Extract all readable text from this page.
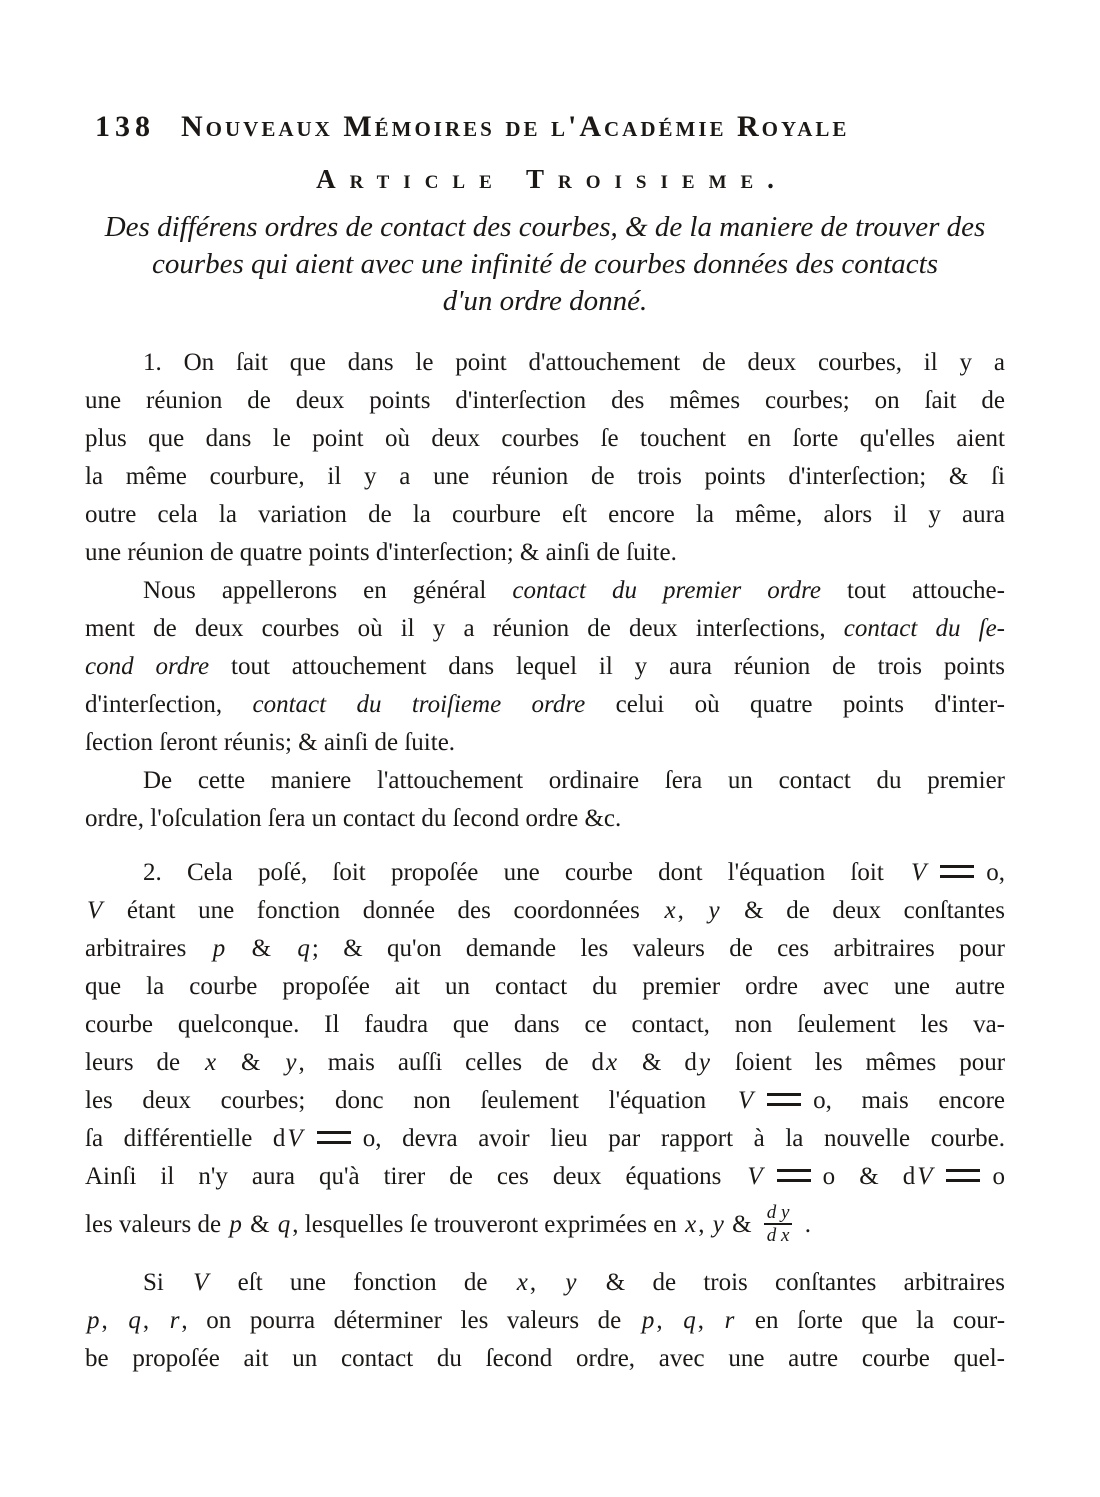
138 Nouveaux Mémoires de l'Académie Royale
Article Troisieme.
Des différens ordres de contact des courbes, & de la maniere de trouver des
courbes qui aient avec une infinité de courbes données des contacts
d'un ordre donné.
1. On ſait que dans le point d'attouchement de deux courbes, il y a
une réunion de deux points d'interſection des mêmes courbes; on ſait de
plus que dans le point où deux courbes ſe touchent en ſorte qu'elles aient
la même courbure, il y a une réunion de trois points d'interſection; & ſi
outre cela la variation de la courbure eſt encore la même, alors il y aura
une réunion de quatre points d'interſection; & ainſi de ſuite.
Nous appellerons en général contact du premier ordre tout attouche-
ment de deux courbes où il y a réunion de deux interſections, contact du ſe-
cond ordre tout attouchement dans lequel il y aura réunion de trois points
d'interſection, contact du troiſieme ordre celui où quatre points d'inter-
ſection ſeront réunis; & ainſi de ſuite.
De cette maniere l'attouchement ordinaire ſera un contact du premier
ordre, l'oſculation ſera un contact du ſecond ordre &c.
2. Cela poſé, ſoit propoſée une courbe dont l'équation ſoit V o,
V étant une fonction donnée des coordonnées x, y & de deux conſtantes
arbitraires p & q; & qu'on demande les valeurs de ces arbitraires pour
que la courbe propoſée ait un contact du premier ordre avec une autre
courbe quelconque. Il faudra que dans ce contact, non ſeulement les va-
leurs de x & y, mais auſſi celles de dx & dy ſoient les mêmes pour
les deux courbes; donc non ſeulement l'équation V o, mais encore
ſa différentielle dV o, devra avoir lieu par rapport à la nouvelle courbe.
Ainſi il n'y aura qu'à tirer de ces deux équations V o & dV o
les valeurs de p & q, lesquelles ſe trouveront exprimées en x, y & $\frac{\text{d y}}{\text{d x}}$ .
Si V eſt une fonction de x, y & de trois conſtantes arbitraires
p, q, r, on pourra déterminer les valeurs de p, q, r en ſorte que la cour-
be propoſée ait un contact du ſecond ordre, avec une autre courbe quel-
